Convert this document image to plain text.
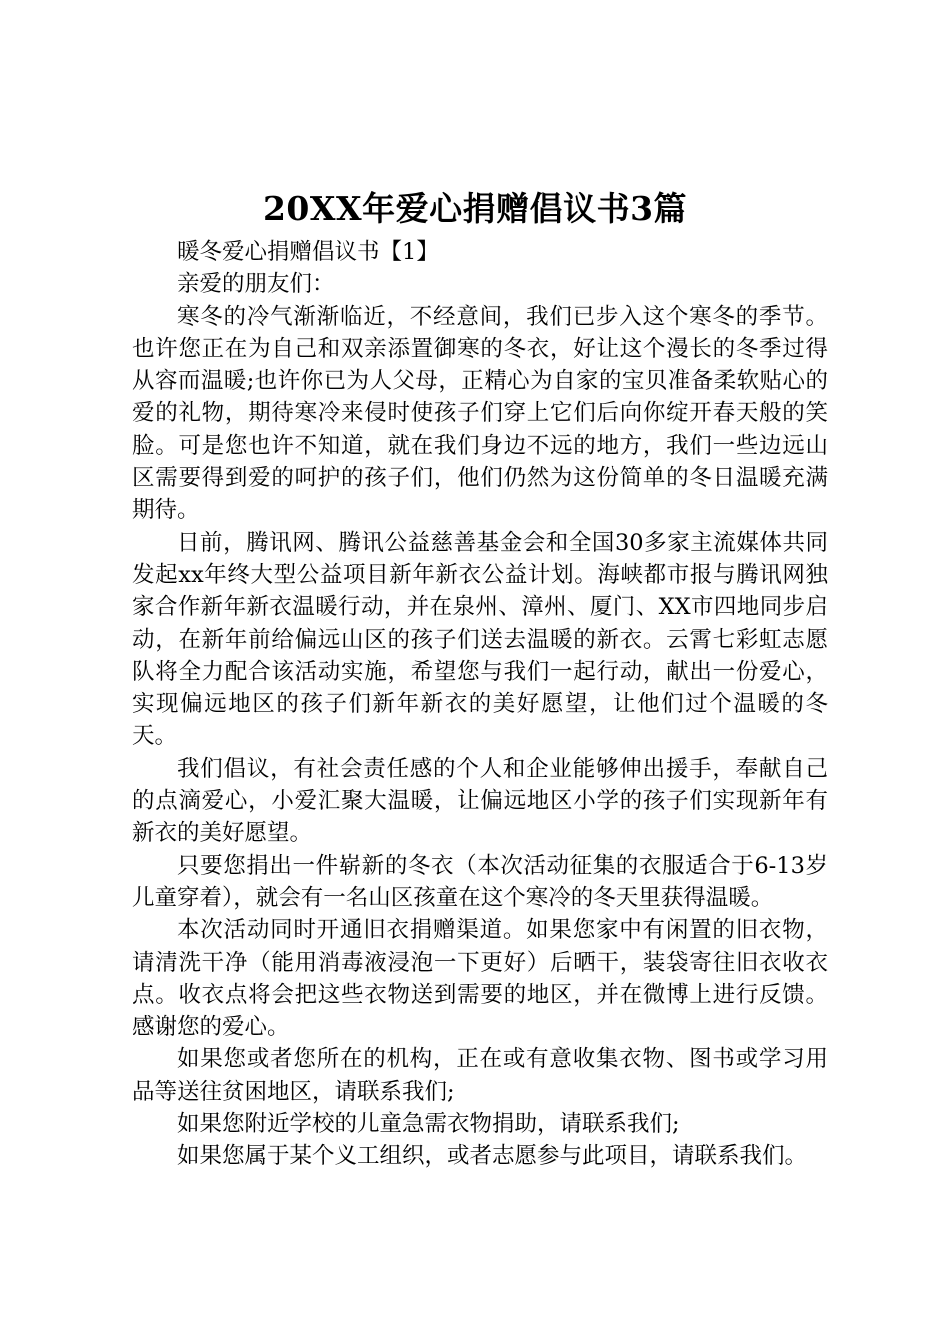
20XX年爱心捐赠倡议书3篇

暖冬爱心捐赠倡议书【1】

亲爱的朋友们：

寒冬的冷气渐渐临近，不经意间，我们已步入这个寒冬的季节。也许您正在为自己和双亲添置御寒的冬衣，好让这个漫长的冬季过得从容而温暖;也许你已为人父母，正精心为自家的宝贝准备柔软贴心的爱的礼物，期待寒冷来侵时使孩子们穿上它们后向你绽开春天般的笑脸。可是您也许不知道，就在我们身边不远的地方，我们一些边远山区需要得到爱的呵护的孩子们，他们仍然为这份简单的冬日温暖充满期待。

日前，腾讯网、腾讯公益慈善基金会和全国30多家主流媒体共同发起xx年终大型公益项目新年新衣公益计划。海峡都市报与腾讯网独家合作新年新衣温暖行动，并在泉州、漳州、厦门、XX市四地同步启动，在新年前给偏远山区的孩子们送去温暖的新衣。云霄七彩虹志愿队将全力配合该活动实施，希望您与我们一起行动，献出一份爱心，实现偏远地区的孩子们新年新衣的美好愿望，让他们过个温暖的冬天。

我们倡议，有社会责任感的个人和企业能够伸出援手，奉献自己的点滴爱心，小爱汇聚大温暖，让偏远地区小学的孩子们实现新年有新衣的美好愿望。

只要您捐出一件崭新的冬衣（本次活动征集的衣服适合于6-13岁儿童穿着），就会有一名山区孩童在这个寒冷的冬天里获得温暖。

本次活动同时开通旧衣捐赠渠道。如果您家中有闲置的旧衣物，请清洗干净（能用消毒液浸泡一下更好）后晒干，装袋寄往旧衣收衣点。收衣点将会把这些衣物送到需要的地区，并在微博上进行反馈。感谢您的爱心。

如果您或者您所在的机构，正在或有意收集衣物、图书或学习用品等送往贫困地区，请联系我们;

如果您附近学校的儿童急需衣物捐助，请联系我们;

如果您属于某个义工组织，或者志愿参与此项目，请联系我们。
